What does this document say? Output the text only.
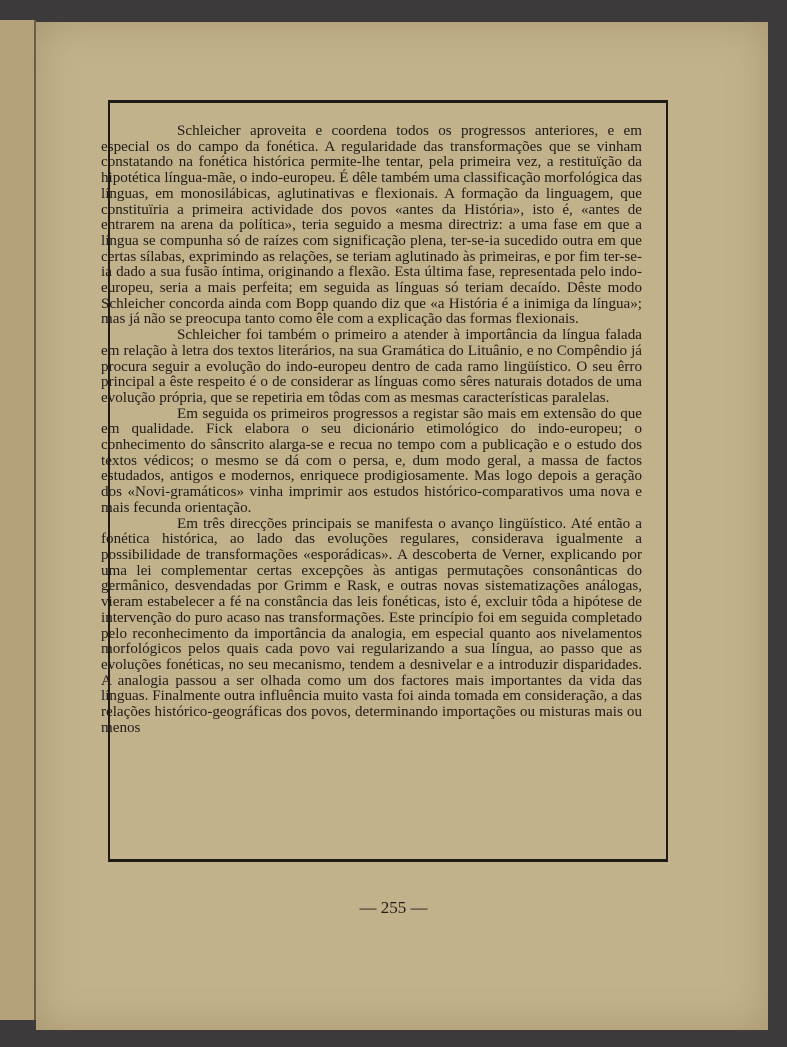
Schleicher aproveita e coordena todos os progressos anteriores, e em especial os do campo da fonética. A regularidade das transformações que se vinham constatando na fonética histórica permite-lhe tentar, pela primeira vez, a restituïção da hipotética língua-mãe, o indo-europeu. É dêle também uma classificação morfológica das línguas, em monosilábicas, aglutinativas e flexionais. A formação da linguagem, que constituïria a primeira actividade dos povos «antes da História», isto é, «antes de entrarem na arena da política», teria seguido a mesma directriz: a uma fase em que a língua se compunha só de raízes com significação plena, ter-se-ia sucedido outra em que certas sílabas, exprimindo as relações, se teriam aglutinado às primeiras, e por fim ter-se-ia dado a sua fusão íntima, originando a flexão. Esta última fase, representada pelo indo-europeu, seria a mais perfeita; em seguida as línguas só teriam decaído. Dêste modo Schleicher concorda ainda com Bopp quando diz que «a História é a inimiga da língua»; mas já não se preocupa tanto como êle com a explicação das formas flexionais.

Schleicher foi também o primeiro a atender à importância da língua falada em relação à letra dos textos literários, na sua Gramática do Lituânio, e no Compêndio já procura seguir a evolução do indo-europeu dentro de cada ramo lingüístico. O seu êrro principal a êste respeito é o de considerar as línguas como sêres naturais dotados de uma evolução própria, que se repetiria em tôdas com as mesmas características paralelas.

Em seguida os primeiros progressos a registar são mais em extensão do que em qualidade. Fick elabora o seu dicionário etimológico do indo-europeu; o conhecimento do sânscrito alarga-se e recua no tempo com a publicação e o estudo dos textos védicos; o mesmo se dá com o persa, e, dum modo geral, a massa de factos estudados, antigos e modernos, enriquece prodigiosamente. Mas logo depois a geração dos «Novi-gramáticos» vinha imprimir aos estudos histórico-comparativos uma nova e mais fecunda orientação.

Em três direcções principais se manifesta o avanço lingüístico. Até então a fonética histórica, ao lado das evoluções regulares, considerava igualmente a possibilidade de transformações «esporádicas». A descoberta de Verner, explicando por uma lei complementar certas excepções às antigas permutações consonânticas do germânico, desvendadas por Grimm e Rask, e outras novas sistematizações análogas, vieram estabelecer a fé na constância das leis fonéticas, isto é, excluir tôda a hipótese de intervenção do puro acaso nas transformações. Este princípio foi em seguida completado pelo reconhecimento da importância da analogia, em especial quanto aos nivelamentos morfológicos pelos quais cada povo vai regularizando a sua língua, ao passo que as evoluções fonéticas, no seu mecanismo, tendem a desnivelar e a introduzir disparidades. A analogia passou a ser olhada como um dos factores mais importantes da vida das línguas. Finalmente outra influência muito vasta foi ainda tomada em consideração, a das relações histórico-geográficas dos povos, determinando importações ou misturas mais ou menos

— 255 —
